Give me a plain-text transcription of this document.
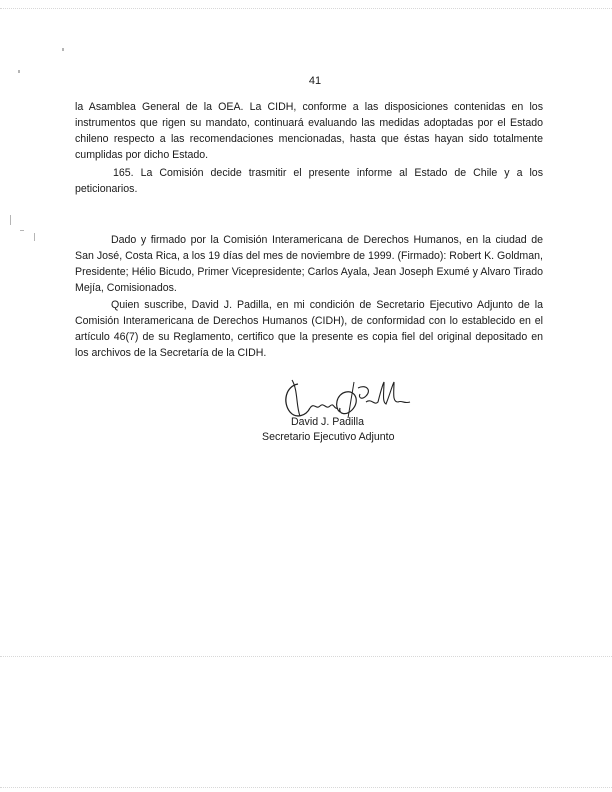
41

la Asamblea General de la OEA. La CIDH, conforme a las disposiciones contenidas en los instrumentos que rigen su mandato, continuará evaluando las medidas adoptadas por el Estado chileno respecto a las recomendaciones mencionadas, hasta que éstas hayan sido totalmente cumplidas por dicho Estado.

165. La Comisión decide trasmitir el presente informe al Estado de Chile y a los peticionarios.

Dado y firmado por la Comisión Interamericana de Derechos Humanos, en la ciudad de San José, Costa Rica, a los 19 días del mes de noviembre de 1999. (Firmado): Robert K. Goldman, Presidente; Hélio Bicudo, Primer Vicepresidente; Carlos Ayala, Jean Joseph Exumé y Alvaro Tirado Mejía, Comisionados.

Quien suscribe, David J. Padilla, en mi condición de Secretario Ejecutivo Adjunto de la Comisión Interamericana de Derechos Humanos (CIDH), de conformidad con lo establecido en el artículo 46(7) de su Reglamento, certifico que la presente es copia fiel del original depositado en los archivos de la Secretaría de la CIDH.

David J. Padilla
Secretario Ejecutivo Adjunto
